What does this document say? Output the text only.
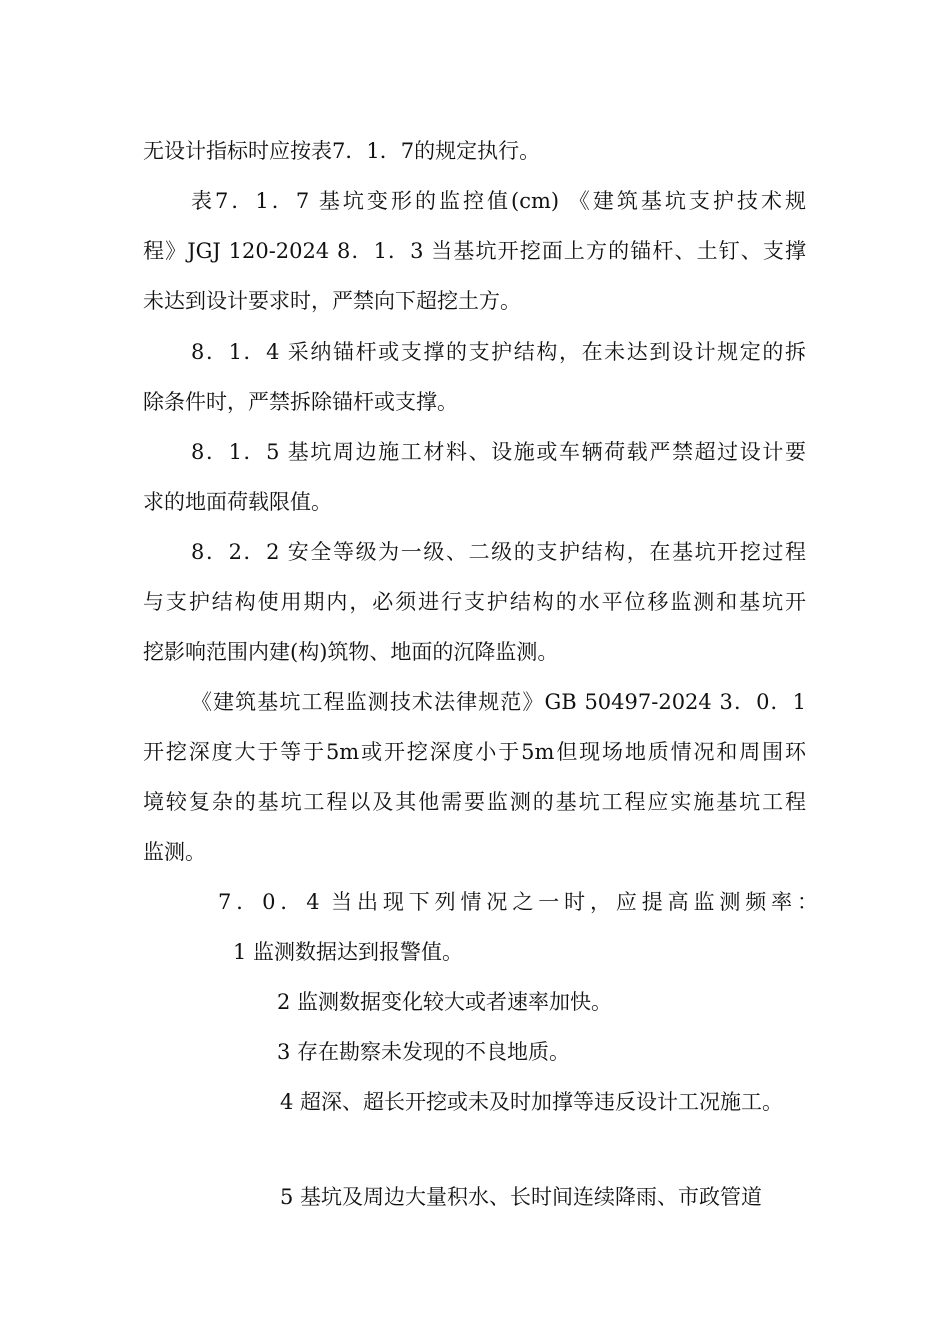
无设计指标时应按表7．1．7的规定执行。

表7．1．7 基坑变形的监控值(cm) 《建筑基坑支护技术规

程》JGJ 120-2024 8．1．3 当基坑开挖面上方的锚杆、土钉、支撑

未达到设计要求时，严禁向下超挖土方。

8．1．4 采纳锚杆或支撑的支护结构，在未达到设计规定的拆

除条件时，严禁拆除锚杆或支撑。

8．1．5 基坑周边施工材料、设施或车辆荷载严禁超过设计要

求的地面荷载限值。

8．2．2 安全等级为一级、二级的支护结构，在基坑开挖过程

与支护结构使用期内，必须进行支护结构的水平位移监测和基坑开

挖影响范围内建(构)筑物、地面的沉降监测。

《建筑基坑工程监测技术法律规范》GB 50497-2024 3．0．1

开挖深度大于等于5m或开挖深度小于5m但现场地质情况和周围环

境较复杂的基坑工程以及其他需要监测的基坑工程应实施基坑工程

监测。

7．0．4 当出现下列情况之一时，应提高监测频率：

1 监测数据达到报警值。

2 监测数据变化较大或者速率加快。

3 存在勘察未发现的不良地质。

4 超深、超长开挖或未及时加撑等违反设计工况施工。

5 基坑及周边大量积水、长时间连续降雨、市政管道
